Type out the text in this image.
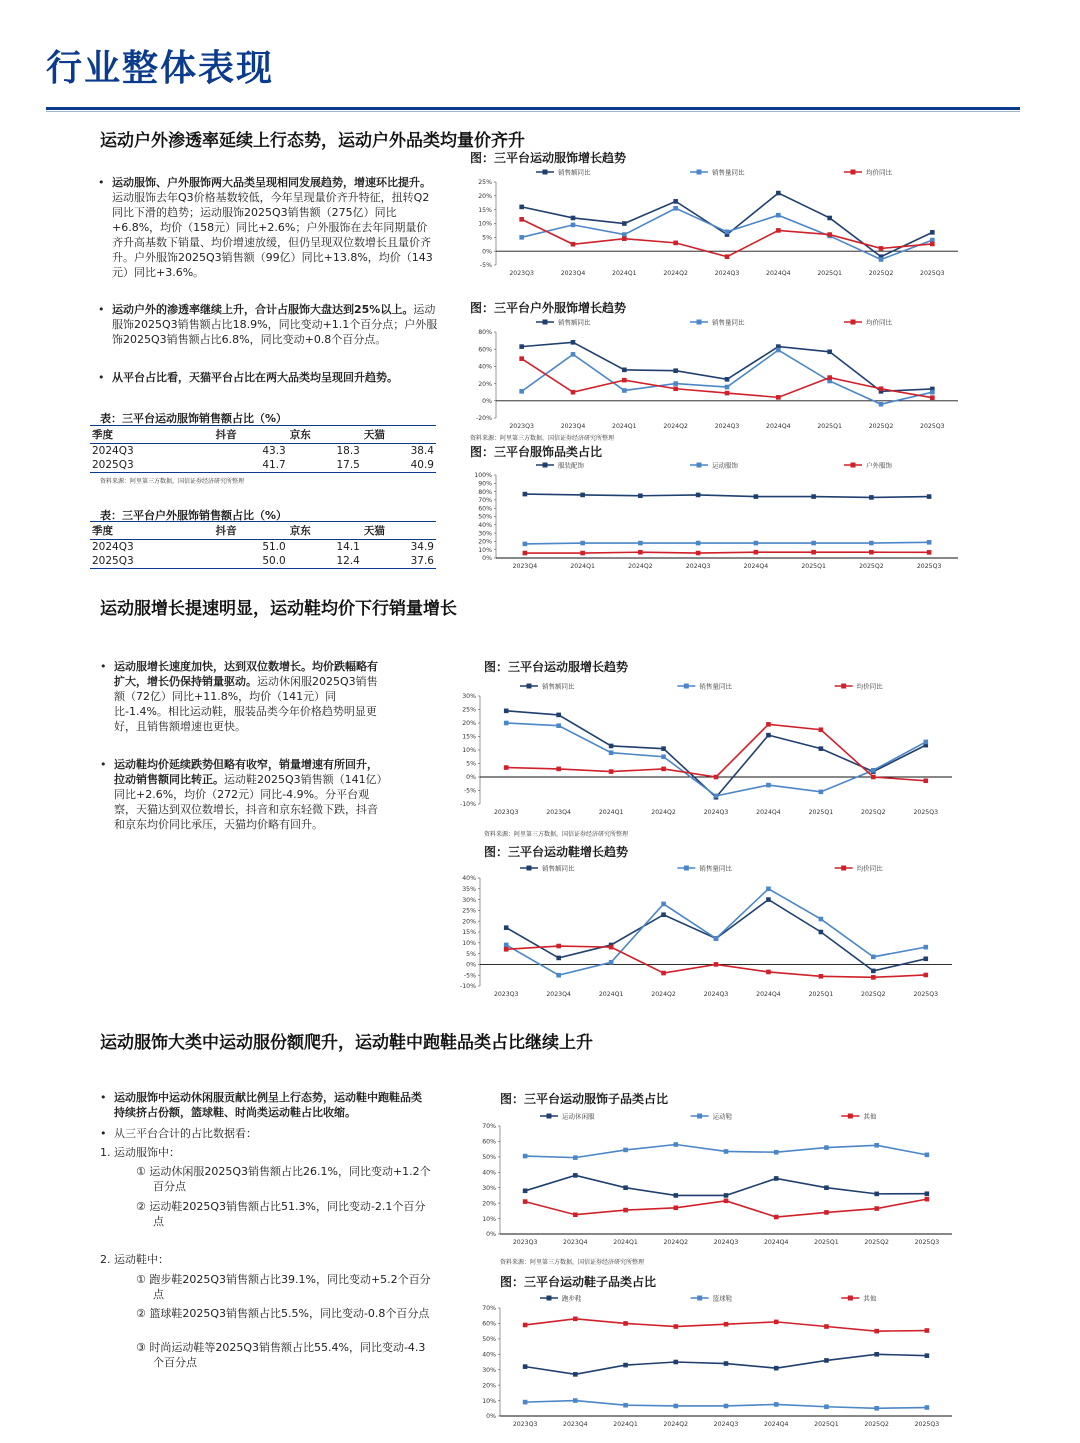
行业整体表现
运动户外渗透率延续上行态势，运动户外品类均量价齐升
• 运动服饰、户外服饰两大品类呈现相同发展趋势，增速环比提升。运动服饰去年Q3价格基数较低，今年呈现量价齐升特征，扭转Q2同比下滑的趋势；运动服饰2025Q3销售额（275亿）同比+6.8%，均价（158元）同比+2.6%；户外服饰在去年同期量价齐升高基数下销量、均价增速放缓，但仍呈现双位数增长且量价齐升。户外服饰2025Q3销售额（99亿）同比+13.8%，均价（143元）同比+3.6%。
• 运动户外的渗透率继续上升，合计占服饰大盘达到25%以上。运动服饰2025Q3销售额占比18.9%，同比变动+1.1个百分点；户外服饰2025Q3销售额占比6.8%，同比变动+0.8个百分点。
• 从平台占比看，天猫平台占比在两大品类均呈现回升趋势。
表：三平台运动服饰销售额占比（%）
季度	抖音	京东	天猫
2024Q3	43.3	18.3	38.4
2025Q3	41.7	17.5	40.9
资料来源：阿里第三方数据，国信证券经济研究所整理
表：三平台户外服饰销售额占比（%）
季度	抖音	京东	天猫
2024Q3	51.0	14.1	34.9
2025Q3	50.0	12.4	37.6
图：三平台运动服饰增长趋势
销售额同比	销售量同比	均价同比
-5%
0%
5%
10%
15%
20%
25%
2023Q3	2023Q4	2024Q1	2024Q2	2024Q3	2024Q4	2025Q1	2025Q2	2025Q3
图：三平台户外服饰增长趋势
销售额同比	销售量同比	均价同比
-20%
0%
20%
40%
60%
80%
2023Q3	2023Q4	2024Q1	2024Q2	2024Q3	2024Q4	2025Q1	2025Q2	2025Q3
资料来源：阿里第三方数据，国信证券经济研究所整理
图：三平台服饰品类占比
服装配饰	运动服饰	户外服饰
0%
10%
20%
30%
40%
50%
60%
70%
80%
90%
100%
2023Q4	2024Q1	2024Q2	2024Q3	2024Q4	2025Q1	2025Q2	2025Q3
运动服增长提速明显，运动鞋均价下行销量增长
• 运动服增长速度加快，达到双位数增长。均价跌幅略有扩大，增长仍保持销量驱动。运动休闲服2025Q3销售额（72亿）同比+11.8%，均价（141元）同比-1.4%。相比运动鞋，服装品类今年价格趋势明显更好，且销售额增速也更快。
• 运动鞋均价延续跌势但略有收窄，销量增速有所回升，拉动销售额同比转正。运动鞋2025Q3销售额（141亿）同比+2.6%，均价（272元）同比-4.9%。分平台观察，天猫达到双位数增长，抖音和京东轻微下跌，抖音和京东均价同比承压，天猫均价略有回升。
图：三平台运动服增长趋势
销售额同比	销售量同比	均价同比
-10%
-5%
0%
5%
10%
15%
20%
25%
30%
2023Q3	2023Q4	2024Q1	2024Q2	2024Q3	2024Q4	2025Q1	2025Q2	2025Q3
资料来源：阿里第三方数据，国信证券经济研究所整理
图：三平台运动鞋增长趋势
销售额同比	销售量同比	均价同比
-10%
-5%
0%
5%
10%
15%
20%
25%
30%
35%
40%
2023Q3	2023Q4	2024Q1	2024Q2	2024Q3	2024Q4	2025Q1	2025Q2	2025Q3
运动服饰大类中运动服份额爬升，运动鞋中跑鞋品类占比继续上升
• 运动服饰中运动休闲服贡献比例呈上行态势，运动鞋中跑鞋品类持续挤占份额，篮球鞋、时尚类运动鞋占比收缩。
• 从三平台合计的占比数据看：
1. 运动服饰中：
① 运动休闲服2025Q3销售额占比26.1%，同比变动+1.2个百分点
② 运动鞋2025Q3销售额占比51.3%，同比变动-2.1个百分点
2. 运动鞋中：
① 跑步鞋2025Q3销售额占比39.1%，同比变动+5.2个百分点
② 篮球鞋2025Q3销售额占比5.5%，同比变动-0.8个百分点
③ 时尚运动鞋等2025Q3销售额占比55.4%，同比变动-4.3个百分点
图：三平台运动服饰子品类占比
运动休闲服	运动鞋	其他
0%
10%
20%
30%
40%
50%
60%
70%
2023Q3	2023Q4	2024Q1	2024Q2	2024Q3	2024Q4	2025Q1	2025Q2	2025Q3
资料来源：阿里第三方数据，国信证券经济研究所整理
图：三平台运动鞋子品类占比
跑步鞋	篮球鞋	其他
0%
10%
20%
30%
40%
50%
60%
70%
2023Q3	2023Q4	2024Q1	2024Q2	2024Q3	2024Q4	2025Q1	2025Q2	2025Q3
